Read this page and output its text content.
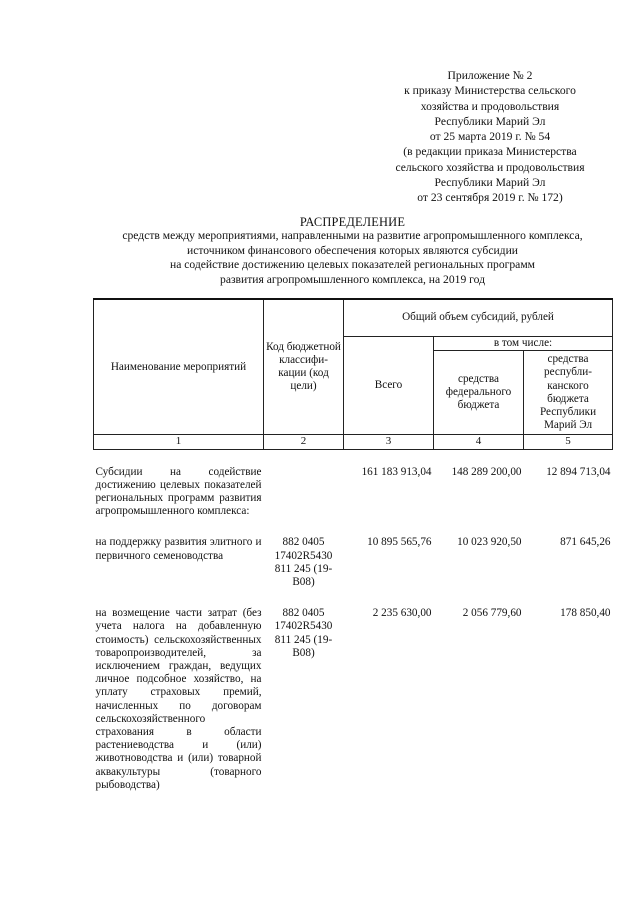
Приложение № 2
к приказу Министерства сельского
хозяйства и продовольствия
Республики Марий Эл
от 25 марта 2019 г. № 54
(в редакции приказа Министерства
сельского хозяйства и продовольствия
Республики Марий Эл
от 23 сентября 2019 г. № 172)
РАСПРЕДЕЛЕНИЕ
средств между мероприятиями, направленными на развитие агропромышленного комплекса,
источником финансового обеспечения которых являются субсидии
на содействие достижению целевых показателей региональных программ
развития агропромышленного комплекса, на 2019 год
Наименование мероприятий	Код бюджетной классифи-кации (код цели)	Общий объем субсидий, рублей		
		Всего	в том числе:	
			средства федерального бюджета	средства республи-канского бюджета Республики Марий Эл
1	2	3	4	5

Субсидии на содействие достижению целевых показателей региональных программ развития агропромышленного комплекса:		161 183 913,04	148 289 200,00	12 894 713,04

на поддержку развития элитного и первичного семеноводства	882 0405 17402R5430 811 245 (19-В08)	10 895 565,76	10 023 920,50	871 645,26

на возмещение части затрат (без учета налога на добавленную стоимость) сельскохозяйственных товаропроизводителей, за исключением граждан, ведущих личное подсобное хозяйство, на уплату страховых премий, начисленных по договорам сельскохозяйственного страхования в области растениеводства и (или) животноводства и (или) товарной аквакультуры (товарного рыбоводства)	882 0405 17402R5430 811 245 (19-В08)	2 235 630,00	2 056 779,60	178 850,40
